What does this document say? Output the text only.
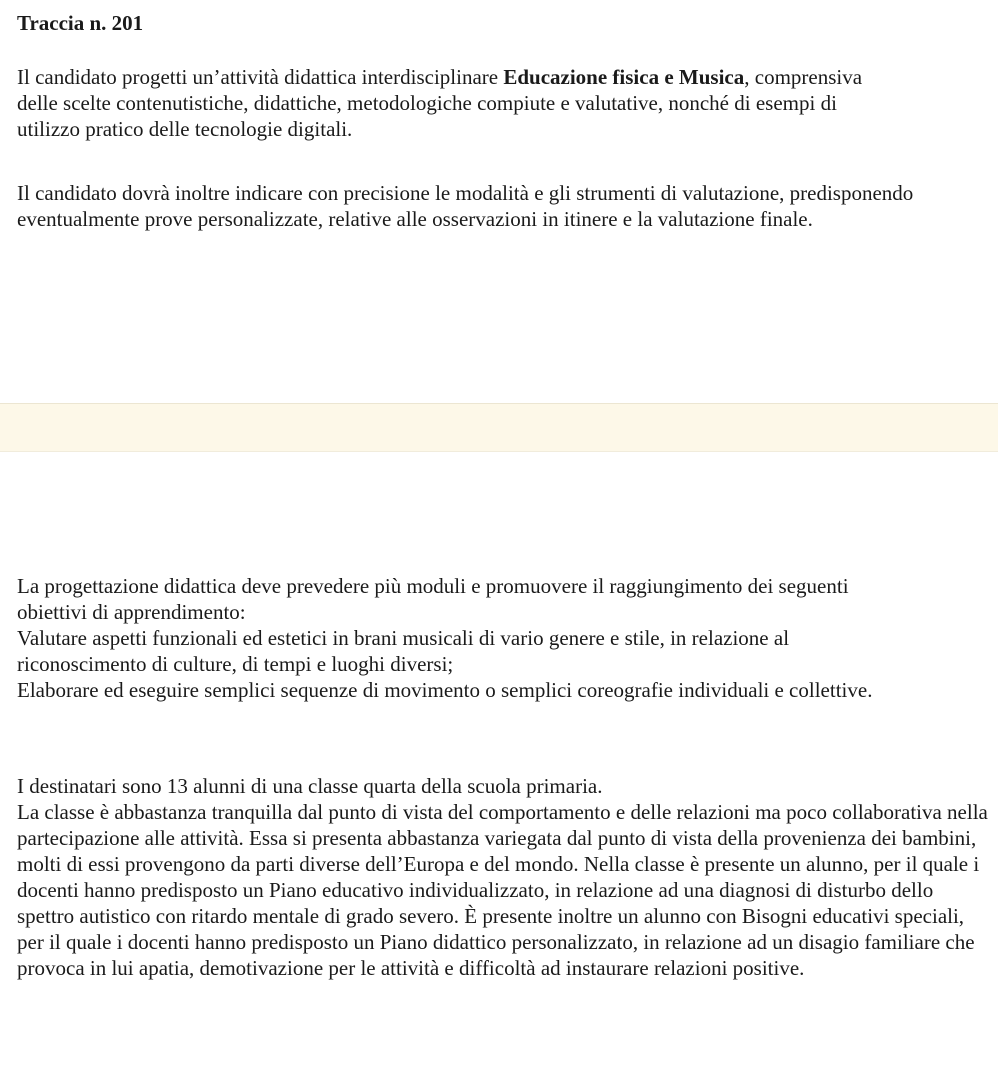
Traccia n. 201

Il candidato progetti un’attività didattica interdisciplinare Educazione fisica e Musica, comprensiva delle scelte contenutistiche, didattiche, metodologiche compiute e valutative, nonché di esempi di utilizzo pratico delle tecnologie digitali.

Il candidato dovrà inoltre indicare con precisione le modalità e gli strumenti di valutazione, predisponendo eventualmente prove personalizzate, relative alle osservazioni in itinere e la valutazione finale.

La progettazione didattica deve prevedere più moduli e promuovere il raggiungimento dei seguenti obiettivi di apprendimento:

Valutare aspetti funzionali ed estetici in brani musicali di vario genere e stile, in relazione al riconoscimento di culture, di tempi e luoghi diversi;

Elaborare ed eseguire semplici sequenze di movimento o semplici coreografie individuali e collettive.

I destinatari sono 13 alunni di una classe quarta della scuola primaria.

La classe è abbastanza tranquilla dal punto di vista del comportamento e delle relazioni ma poco collaborativa nella partecipazione alle attività. Essa si presenta abbastanza variegata dal punto di vista della provenienza dei bambini, molti di essi provengono da parti diverse dell’Europa e del mondo. Nella classe è presente un alunno, per il quale i docenti hanno predisposto un Piano educativo individualizzato, in relazione ad una diagnosi di disturbo dello spettro autistico con ritardo mentale di grado severo. È presente inoltre un alunno con Bisogni educativi speciali, per il quale i docenti hanno predisposto un Piano didattico personalizzato, in relazione ad un disagio familiare che provoca in lui apatia, demotivazione per le attività e difficoltà ad instaurare relazioni positive.
